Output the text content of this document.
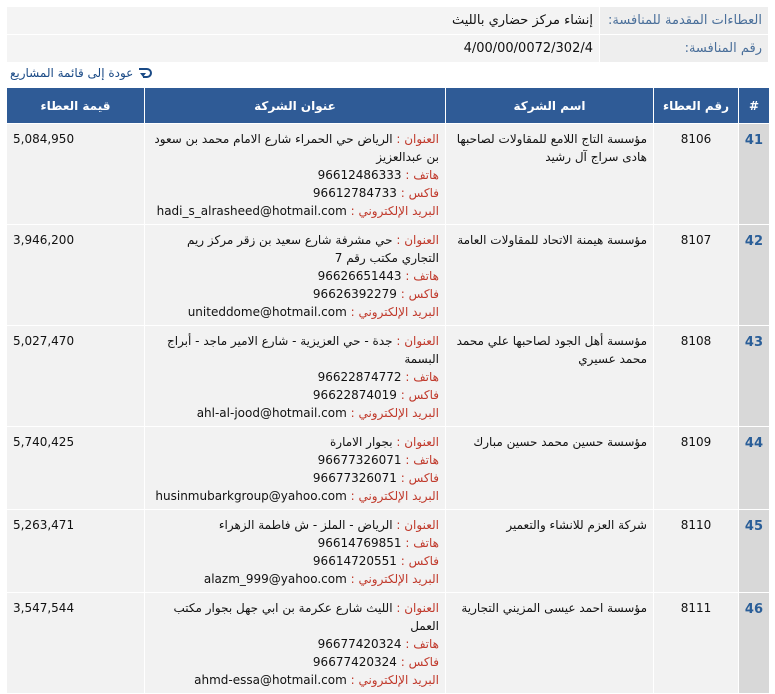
العطاءات المقدمة للمنافسة:	إنشاء مركز حضاري بالليث
رقم المنافسة:	4/00/00/0072/302/4
عودة إلى قائمة المشاريع
#	رقم العطاء	اسم الشركة	عنوان الشركة	قيمة العطاء
41	8106	مؤسسة التاج اللامع للمقاولات لصاحبها هادى سراج آل رشيد	العنوان : الرياض حي الحمراء شارع الامام محمد بن سعود بن عبدالعزيز
هاتف : 96612486333
فاكس : 96612784733
البريد الإلكتروني : hadi_s_alrasheed@hotmail.com	5,084,950
42	8107	مؤسسة هيمنة الاتحاد للمقاولات العامة	العنوان : حي مشرفة شارع سعيد بن زقر مركز ريم التجاري مكتب رقم 7
هاتف : 96626651443
فاكس : 96626392279
البريد الإلكتروني : uniteddome@hotmail.com	3,946,200
43	8108	مؤسسة أهل الجود لصاحبها علي محمد محمد عسيري	العنوان : جدة - حي العزيزية - شارع الامير ماجد - أبراج البسمة
هاتف : 96622874772
فاكس : 96622874019
البريد الإلكتروني : ahl-al-jood@hotmail.com	5,027,470
44	8109	مؤسسة حسين محمد حسين مبارك	العنوان : بجوار الامارة
هاتف : 96677326071
فاكس : 96677326071
البريد الإلكتروني : husinmubarkgroup@yahoo.com	5,740,425
45	8110	شركة العزم للانشاء والتعمير	العنوان : الرياض - الملز - ش فاطمة الزهراء
هاتف : 96614769851
فاكس : 96614720551
البريد الإلكتروني : alazm_999@yahoo.com	5,263,471
46	8111	مؤسسة احمد عيسى المزيني التجارية	العنوان : الليث شارع عكرمة بن ابي جهل بجوار مكتب العمل
هاتف : 96677420324
فاكس : 96677420324
البريد الإلكتروني : ahmd-essa@hotmail.com	3,547,544
